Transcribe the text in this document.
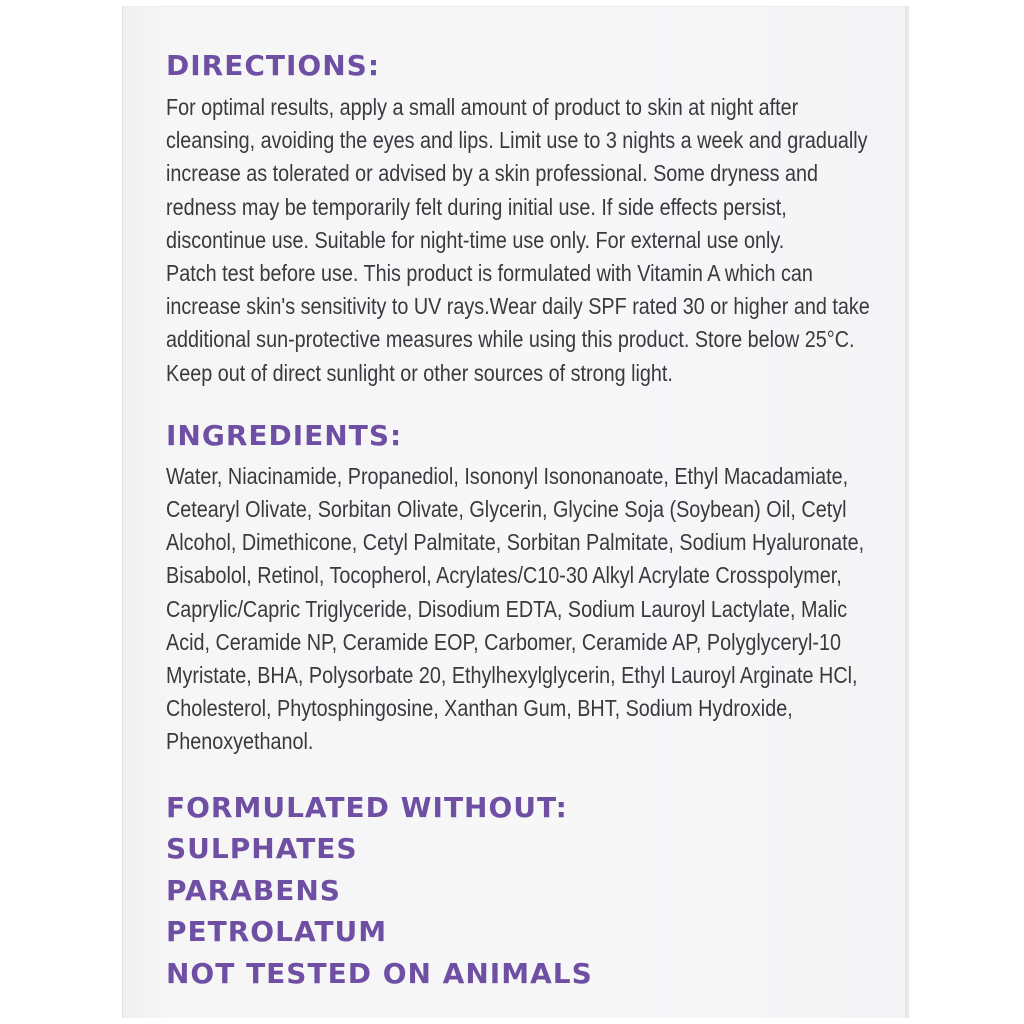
DIRECTIONS:
For optimal results, apply a small amount of product to skin at night after
cleansing, avoiding the eyes and lips. Limit use to 3 nights a week and gradually
increase as tolerated or advised by a skin professional. Some dryness and
redness may be temporarily felt during initial use. If side effects persist,
discontinue use. Suitable for night-time use only. For external use only.
Patch test before use. This product is formulated with Vitamin A which can
increase skin's sensitivity to UV rays.Wear daily SPF rated 30 or higher and take
additional sun-protective measures while using this product. Store below 25°C.
Keep out of direct sunlight or other sources of strong light.
INGREDIENTS:
Water, Niacinamide, Propanediol, Isononyl Isononanoate, Ethyl Macadamiate,
Cetearyl Olivate, Sorbitan Olivate, Glycerin, Glycine Soja (Soybean) Oil, Cetyl
Alcohol, Dimethicone, Cetyl Palmitate, Sorbitan Palmitate, Sodium Hyaluronate,
Bisabolol, Retinol, Tocopherol, Acrylates/C10-30 Alkyl Acrylate Crosspolymer,
Caprylic/Capric Triglyceride, Disodium EDTA, Sodium Lauroyl Lactylate, Malic
Acid, Ceramide NP, Ceramide EOP, Carbomer, Ceramide AP, Polyglyceryl-10
Myristate, BHA, Polysorbate 20, Ethylhexylglycerin, Ethyl Lauroyl Arginate HCl,
Cholesterol, Phytosphingosine, Xanthan Gum, BHT, Sodium Hydroxide,
Phenoxyethanol.
FORMULATED WITHOUT:
SULPHATES
PARABENS
PETROLATUM
NOT TESTED ON ANIMALS
